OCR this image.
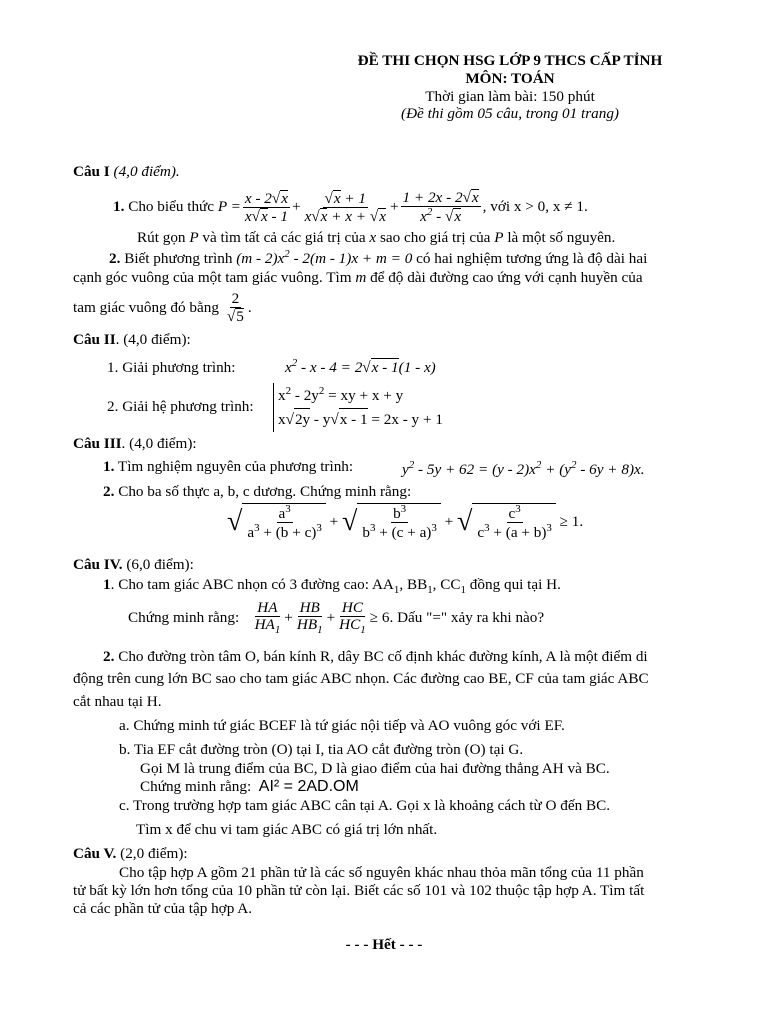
ĐỀ THI CHỌN HSG LỚP 9 THCS CẤP TỈNH
MÔN: TOÁN
Thời gian làm bài: 150 phút
(Đề thi gồm 05 câu, trong 01 trang)
Câu I (4,0 điểm).
1.
Cho biểu thức
$P = \frac{x - 2√ x}{x√ x - 1}$ +
√ $\frac{x + 1}{x√ x + x + √ x} + \frac{1 + 2x - 2√ x}{x^2 - √ x}$ , với x > 0, x ≠ 1.
Rút gọn P và tìm tất cả các giá trị của x sao cho giá trị của P là một số nguyên.
2. Biết phương trình $(m - 2)x^2 - 2(m - 1)x + m = 0$ có hai nghiệm tương ứng là độ dài hai
cạnh góc vuông của một tam giác vuông. Tìm m để độ dài đường cao ứng với cạnh huyền của
tam giác vuông đó bằng 2
√ 5 .
Câu II. (4,0 điểm):
1. Giải phương trình:	$x^2 - x - 4 = 2√$ x - 1(1 - x)
2. Giải hệ phương trình:
$x^2 - 2y^2$ = xy + x + y
x√ 2y - y√ x - 1 = 2x - y + 1
Câu III. (4,0 điểm):
1. Tìm nghiệm nguyên của phương trình:	$y^2 - 5y + 62 = (y - 2)x^2 + (y^2 - 6y + 8)x$.
2. Cho ba số thực a, b, c dương. Chứng minh rằng:
√
$\frac{a^3}{a^3 + (b + c)^3}$ +
√ $\frac{b^3}{b^3 + (c + a)^3}$ +
√ $\frac{c^3}{c^3 + (a + b)^3} \ge 1$.
Câu IV. (6,0 điểm):
1. Cho tam giác ABC nhọn có 3 đường cao: $AA_1$, $BB_1$, $CC_1$ đồng qui tại H.
Chứng minh rằng:
$\frac{HA}{HA_1} + \frac{HB}{HB_1} + \frac{HC}{HC_1} \ge 6$ . Dấu "=" xảy ra khi nào?
2. Cho đường tròn tâm O, bán kính R, dây BC cố định khác đường kính, A là một điểm di
động trên cung lớn BC sao cho tam giác ABC nhọn. Các đường cao BE, CF của tam giác ABC
cắt nhau tại H.
a. Chứng minh tứ giác BCEF là tứ giác nội tiếp và AO vuông góc với EF.
b. Tia EF cắt đường tròn (O) tại I, tia AO cắt đường tròn (O) tại G.
Gọi M là trung điểm của BC, D là giao điểm của hai đường thẳng AH và BC.
Chứng minh rằng: AI² = 2AD.OM
c. Trong trường hợp tam giác ABC cân tại A. Gọi x là khoảng cách từ O đến BC.
Tìm x để chu vi tam giác ABC có giá trị lớn nhất.
Câu V. (2,0 điểm):
Cho tập hợp A gồm 21 phần tử là các số nguyên khác nhau thỏa mãn tổng của 11 phần
tử bất kỳ lớn hơn tổng của 10 phần tử còn lại. Biết các số 101 và 102 thuộc tập hợp A. Tìm tất
cả các phần tử của tập hợp A.
- - - Hết - - -
